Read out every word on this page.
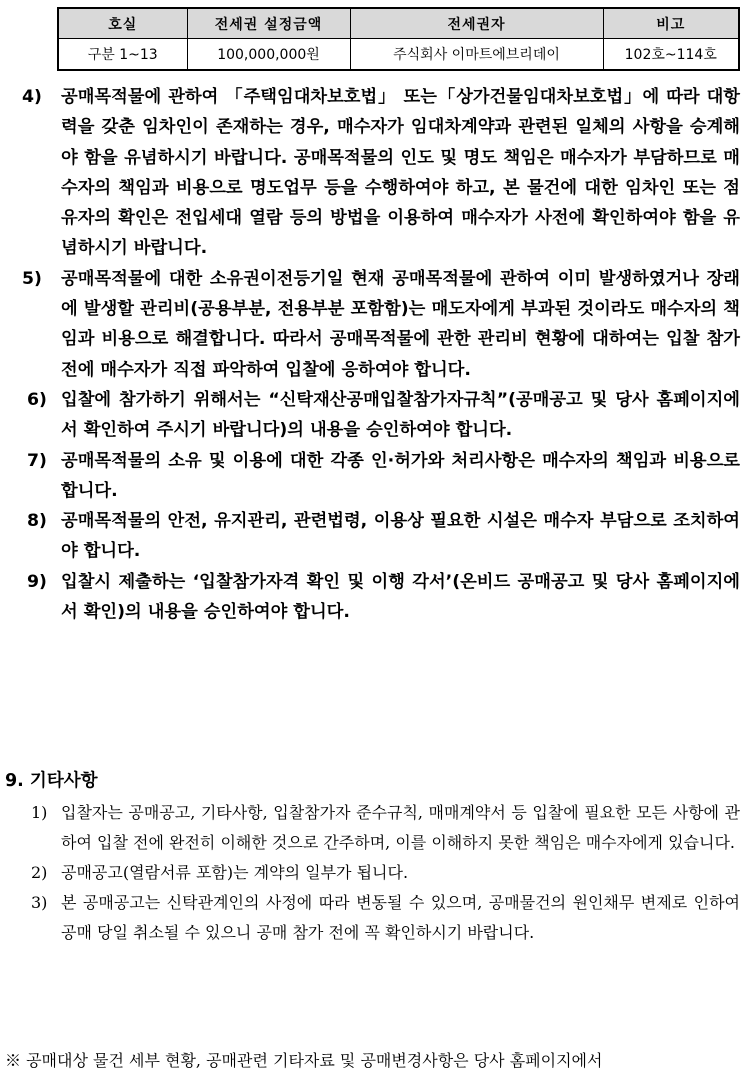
호실	전세권 설정금액	전세권자	비고
구분 1~13	100,000,000원	주식회사 이마트에브리데이	102호~114호
4) 공매목적물에 관하여 「주택임대차보호법」 또는「상가건물임대차보호법」에 따라 대항력을 갖춘 임차인이 존재하는 경우, 매수자가 임대차계약과 관련된 일체의 사항을 승계해야 함을 유념하시기 바랍니다. 공매목적물의 인도 및 명도 책임은 매수자가 부담하므로 매수자의 책임과 비용으로 명도업무 등을 수행하여야 하고, 본 물건에 대한 임차인 또는 점유자의 확인은 전입세대 열람 등의 방법을 이용하여 매수자가 사전에 확인하여야 함을 유념하시기 바랍니다.
5) 공매목적물에 대한 소유권이전등기일 현재 공매목적물에 관하여 이미 발생하였거나 장래에 발생할 관리비(공용부분, 전용부분 포함함)는 매도자에게 부과된 것이라도 매수자의 책임과 비용으로 해결합니다. 따라서 공매목적물에 관한 관리비 현황에 대하여는 입찰 참가 전에 매수자가 직접 파악하여 입찰에 응하여야 합니다.
6) 입찰에 참가하기 위해서는 “신탁재산공매입찰참가자규칙”(공매공고 및 당사 홈페이지에서 확인하여 주시기 바랍니다)의 내용을 승인하여야 합니다.
7) 공매목적물의 소유 및 이용에 대한 각종 인·허가와 처리사항은 매수자의 책임과 비용으로 합니다.
8) 공매목적물의 안전, 유지관리, 관련법령, 이용상 필요한 시설은 매수자 부담으로 조치하여야 합니다.
9) 입찰시 제출하는 ‘입찰참가자격 확인 및 이행 각서’(온비드 공매공고 및 당사 홈페이지에서 확인)의 내용을 승인하여야 합니다.
9. 기타사항
1) 입찰자는 공매공고, 기타사항, 입찰참가자 준수규칙, 매매계약서 등 입찰에 필요한 모든 사항에 관하여 입찰 전에 완전히 이해한 것으로 간주하며, 이를 이해하지 못한 책임은 매수자에게 있습니다.
2) 공매공고(열람서류 포함)는 계약의 일부가 됩니다.
3) 본 공매공고는 신탁관계인의 사정에 따라 변동될 수 있으며, 공매물건의 원인채무 변제로 인하여 공매 당일 취소될 수 있으니 공매 참가 전에 꼭 확인하시기 바랍니다.

※ 공매대상 물건 세부 현황, 공매관련 기타자료 및 공매변경사항은 당사 홈페이지에서
